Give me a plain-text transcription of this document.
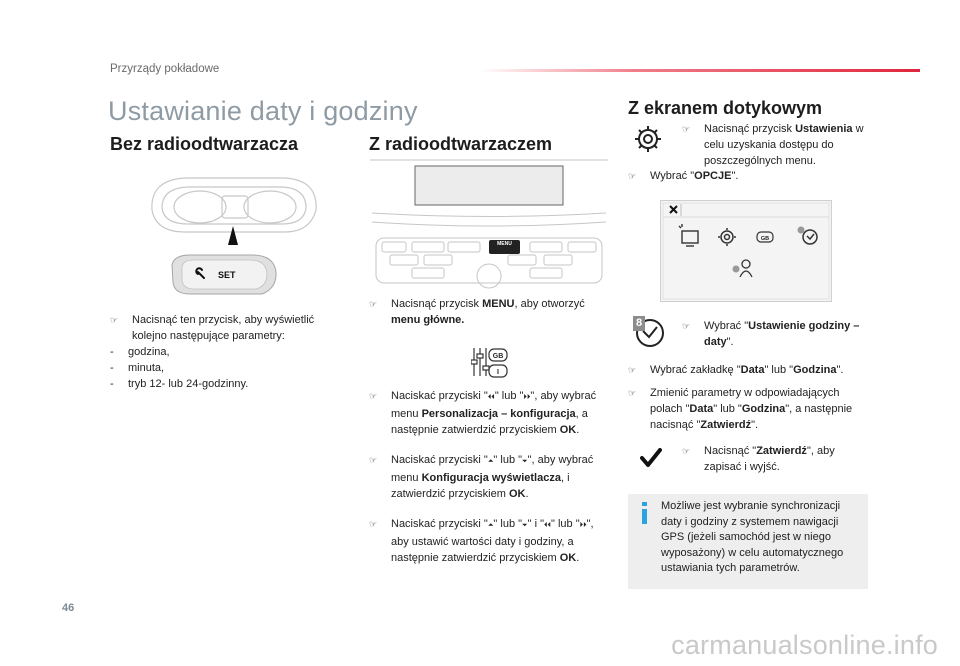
Przyrządy pokładowe
Ustawianie daty i godziny
Bez radioodtwarzacza
SET
☞ Nacisnąć ten przycisk, aby wyświetlić kolejno następujące parametry:
- godzina,
- minuta,
- tryb 12- lub 24-godzinny.
Z radioodtwarzaczem
MENU
☞ Nacisnąć przycisk MENU, aby otworzyć menu główne.
GB
I
☞ Naciskać przyciski "⏴⏴" lub "⏵⏵", aby wybrać menu Personalizacja – konfiguracja, a następnie zatwierdzić przyciskiem OK.
☞ Naciskać przyciski "⏶" lub "⏷", aby wybrać menu Konfiguracja wyświetlacza, i zatwierdzić przyciskiem OK.
☞ Naciskać przyciski "⏶" lub "⏷" i "⏴⏴" lub "⏵⏵", aby ustawić wartości daty i godziny, a następnie zatwierdzić przyciskiem OK.
Z ekranem dotykowym
☞ Nacisnąć przycisk Ustawienia w celu uzyskania dostępu do poszczególnych menu.
☞ Wybrać "OPCJE".
GB
8	☞ Wybrać "Ustawienie godziny – daty".
☞ Wybrać zakładkę "Data" lub "Godzina".
☞ Zmienić parametry w odpowiadających polach "Data" lub "Godzina", a następnie nacisnąć "Zatwierdź".
☞ Nacisnąć "Zatwierdź", aby zapisać i wyjść.
Możliwe jest wybranie synchronizacji daty i godziny z systemem nawigacji GPS (jeżeli samochód jest w niego wyposażony) w celu automatycznego ustawiania tych parametrów.
46
carmanualsonline.info
